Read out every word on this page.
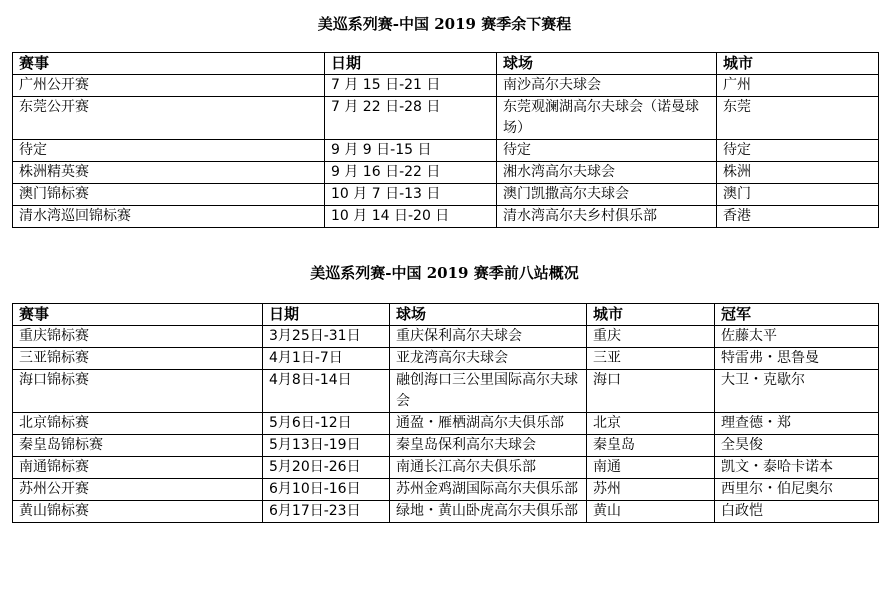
美巡系列赛-中国 2019 赛季余下赛程
赛事	日期	球场	城市
广州公开赛	7 月 15 日-21 日	南沙高尔夫球会	广州
东莞公开赛	7 月 22 日-28 日	东莞观澜湖高尔夫球会（诺曼球场）	东莞
待定	9 月 9 日-15 日	待定	待定
株洲精英赛	9 月 16 日-22 日	湘水湾高尔夫球会	株洲
澳门锦标赛	10 月 7 日-13 日	澳门凯撒高尔夫球会	澳门
清水湾巡回锦标赛	10 月 14 日-20 日	清水湾高尔夫乡村俱乐部	香港
美巡系列赛-中国 2019 赛季前八站概况
赛事	日期	球场	城市	冠军
重庆锦标赛	3月25日-31日	重庆保利高尔夫球会	重庆	佐藤太平
三亚锦标赛	4月1日-7日	亚龙湾高尔夫球会	三亚	特雷弗・思鲁曼
海口锦标赛	4月8日-14日	融创海口三公里国际高尔夫球会	海口	大卫・克歇尔
北京锦标赛	5月6日-12日	通盈・雁栖湖高尔夫俱乐部	北京	理查德・郑
秦皇岛锦标赛	5月13日-19日	秦皇岛保利高尔夫球会	秦皇岛	全昊俊
南通锦标赛	5月20日-26日	南通长江高尔夫俱乐部	南通	凯文・泰哈卡诺本
苏州公开赛	6月10日-16日	苏州金鸡湖国际高尔夫俱乐部	苏州	西里尔・伯尼奥尔
黄山锦标赛	6月17日-23日	绿地・黄山卧虎高尔夫俱乐部	黄山	白政恺
